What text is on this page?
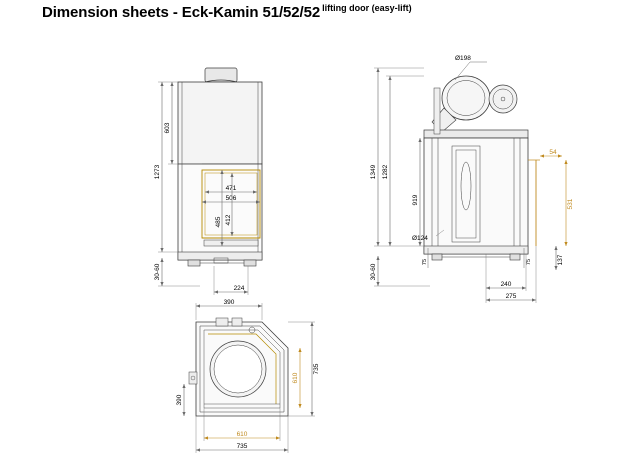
Dimension sheets - Eck-Kamin 51/52/52 $^{lifting door (easy-lift)}$
603
1273
471
506
485 412
30-60
224
Ø198
1349 1282
919
Ø124
75	75	137
54
531
30-60
240
275
390
390
610
735
610
735
